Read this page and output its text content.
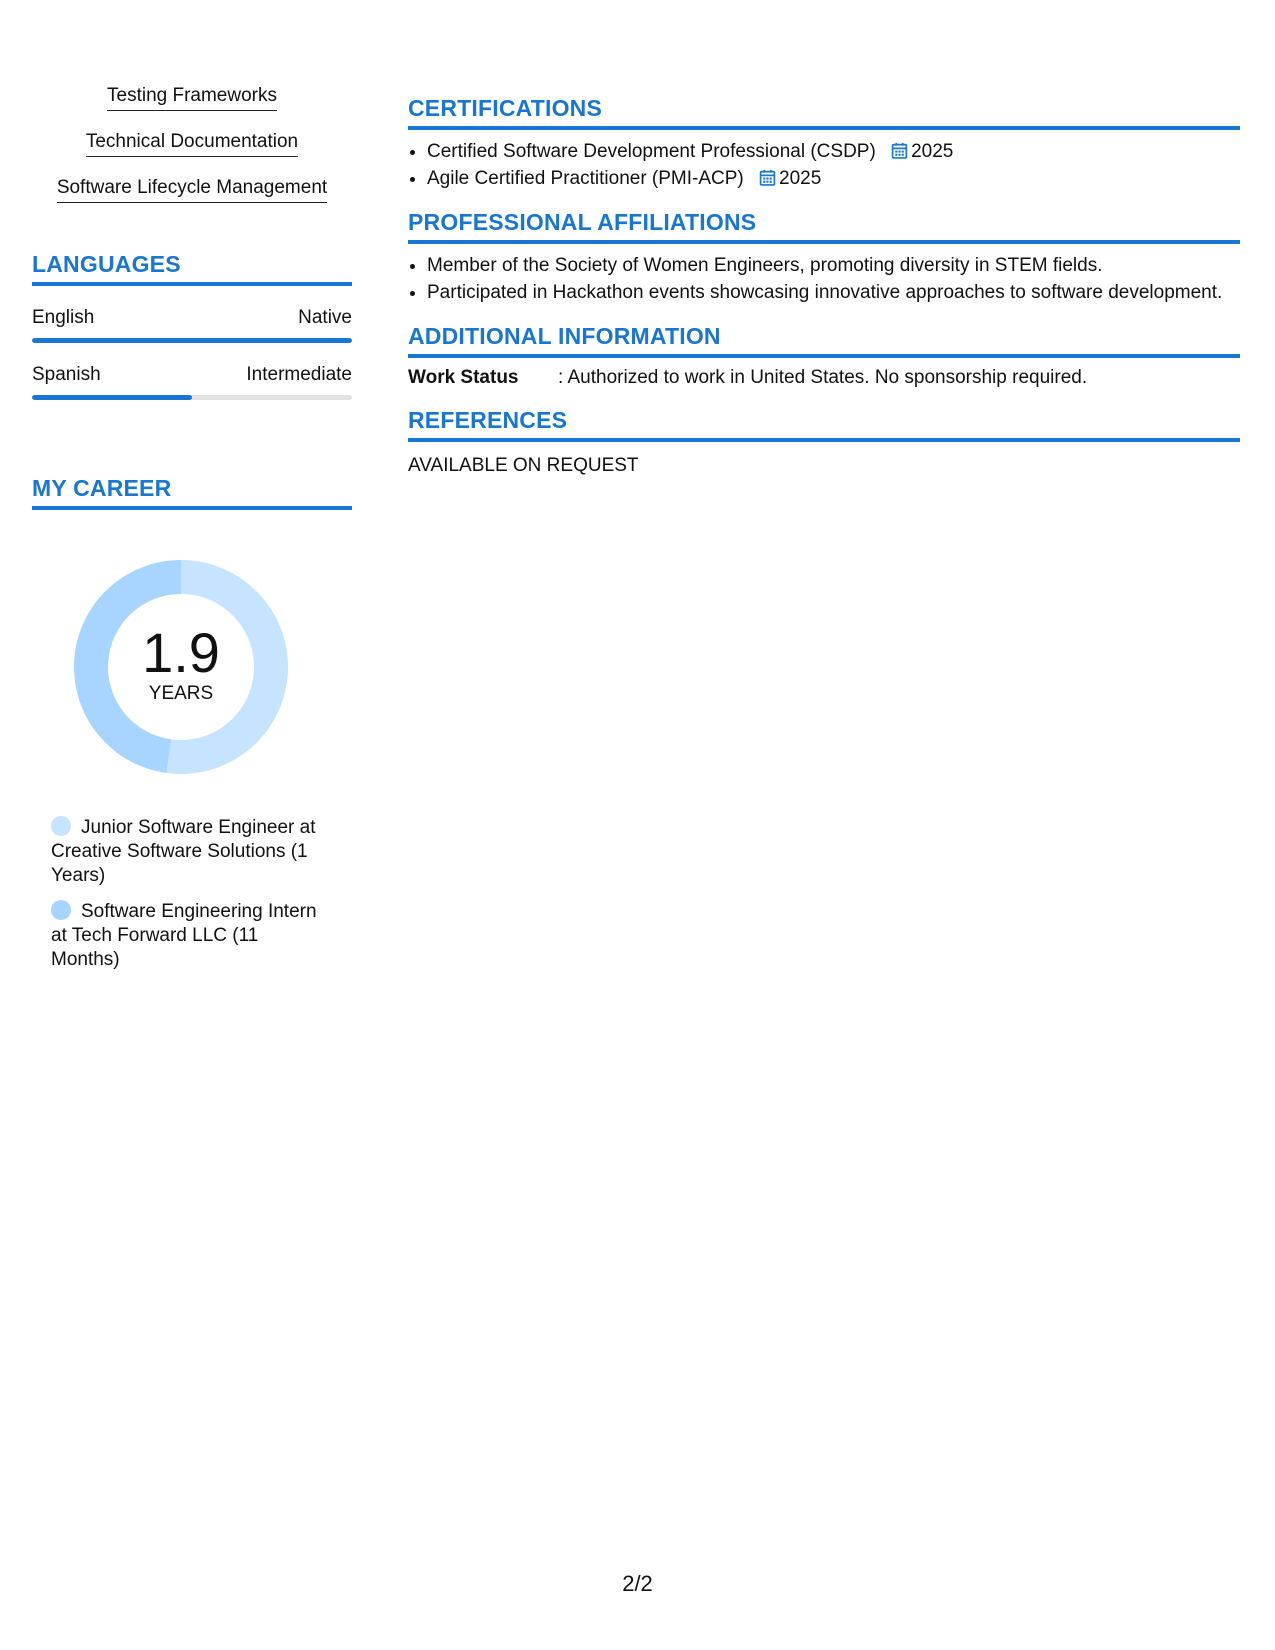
Testing Frameworks
Technical Documentation
Software Lifecycle Management
LANGUAGES
English	Native
Spanish	Intermediate
MY CAREER
1.9
YEARS
Junior Software Engineer at Creative Software Solutions (1 Years)
Software Engineering Intern at Tech Forward LLC (11 Months)
CERTIFICATIONS
• Certified Software Development Professional (CSDP) 2025
• Agile Certified Practitioner (PMI-ACP) 2025
PROFESSIONAL AFFILIATIONS
• Member of the Society of Women Engineers, promoting diversity in STEM fields.
• Participated in Hackathon events showcasing innovative approaches to software development.
ADDITIONAL INFORMATION
Work Status	: Authorized to work in United States. No sponsorship required.
REFERENCES
AVAILABLE ON REQUEST
2/2
